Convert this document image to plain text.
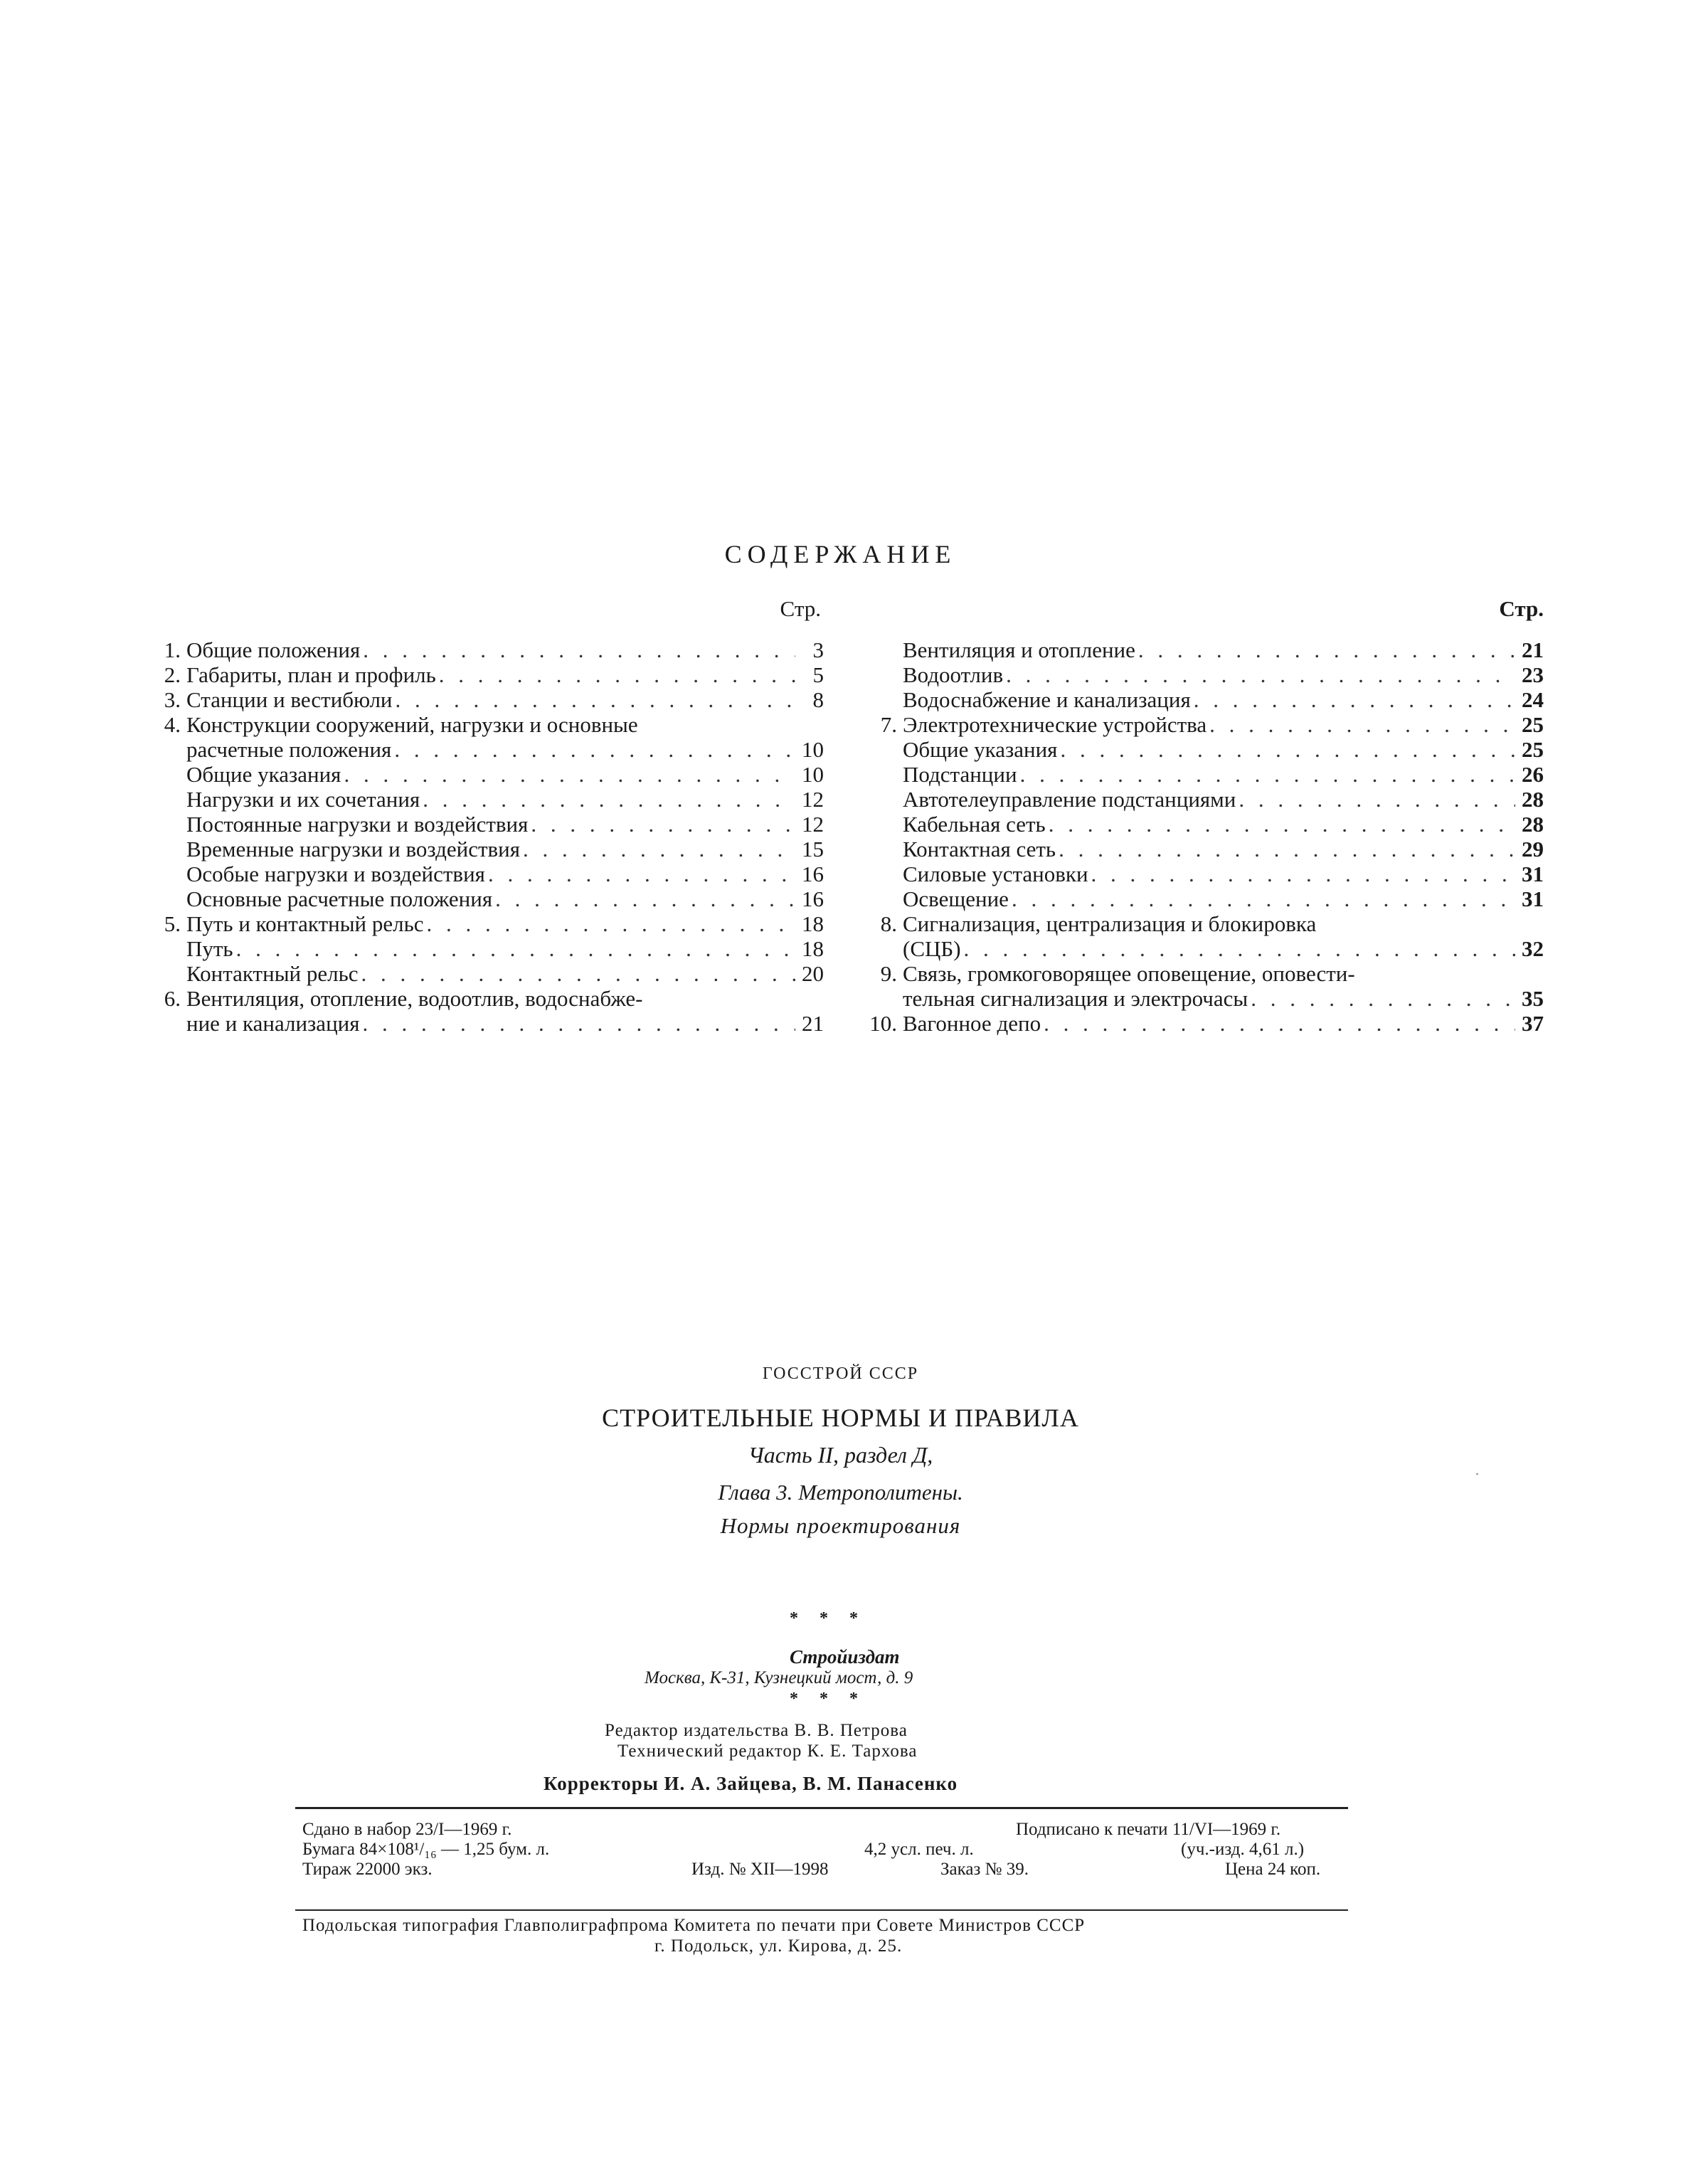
СОДЕРЖАНИЕ
Стр.
1. Общие положения . . .	3
2. Габариты, план и профиль . . .	5
3. Станции и вестибюли . . .	8
4. Конструкции сооружений, нагрузки и основные
расчетные положения . . .	10
Общие указания . . .	10
Нагрузки и их сочетания . . .	12
Постоянные нагрузки и воздействия . . .	12
Временные нагрузки и воздействия . . .	15
Особые нагрузки и воздействия . . .	16
Основные расчетные положения . . .	16
5. Путь и контактный рельс . . .	18
Путь . . .	18
Контактный рельс . . .	20
6. Вентиляция, отопление, водоотлив, водоснабже-
ние и канализация . . .	21
Стр.
Вентиляция и отопление . . .	21
Водоотлив . . .	23
Водоснабжение и канализация . . .	24
7. Электротехнические устройства . . .	25
Общие указания . . .	25
Подстанции . . .	26
Автотелеуправление подстанциями . . .	28
Кабельная сеть . . .	28
Контактная сеть . . .	29
Силовые установки . . .	31
Освещение . . .	31
8. Сигнализация, централизация и блокировка
(СЦБ) . . .	32
9. Связь, громкоговорящее оповещение, оповести-
тельная сигнализация и электрочасы . . .	35
10. Вагонное депо . . .	37
ГОССТРОЙ СССР
СТРОИТЕЛЬНЫЕ НОРМЫ И ПРАВИЛА
Часть II, раздел Д,
Глава 3. Метрополитены.
Нормы проектирования
* * *
Стройиздат
Москва, К-31, Кузнецкий мост, д. 9
* * *
Редактор издательства В. В. Петрова
Технический редактор К. Е. Тархова
Корректоры И. А. Зайцева, В. М. Панасенко
Сдано в набор 23/I—1969 г.	Подписано к печати 11/VI—1969 г.
Бумага 84×108¹/₁₆ — 1,25 бум. л.	4,2 усл. печ. л.	(уч.-изд. 4,61 л.)
Тираж 22000 экз.	Изд. № XII—1998	Заказ № 39.	Цена 24 коп.
Подольская типография Главполиграфпрома Комитета по печати при Совете Министров СССР
г. Подольск, ул. Кирова, д. 25.
